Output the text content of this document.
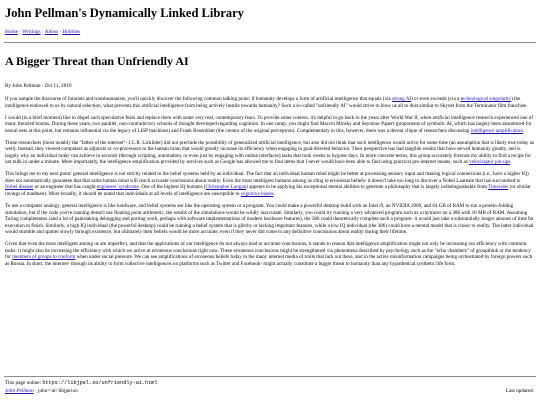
John Pellman's Dynamically Linked Library
Home · Writings · About · Hobbies
A Bigger Threat than Unfriendly AI
By John Pellman · Oct 11, 2019

If you sample the discourse of futurists and transhumanists, you'll quickly discover the following common talking point: if humanity develops a form of artificial intelligence that equals (via strong AI) or even exceeds (via a technological singularity) the intelligence endowed to us by natural selection, what prevents this artificial intelligence from being actively hostile towards humanity? Such a so-called "unfriendly AI" would strive to blow us all to dust similar to Skynet from the Terminator film franchise.

I would (in a brief moment) like to dispel such speculative fears and replace them with some very real, contemporary fears. To provide some context, it's helpful to go back to the years after World War II, when artificial intelligence research experienced one of many frenzied booms. During these years, two parallel, non-contradictory schools of thought developed regarding cognition. In one camp, you might find Marvin Minsky and Seymour Papert (proponents of symbolic AI, which has largely been abandoned for neural nets at this point, but remains influential via the legacy of LISP machines) and Frank Rosenblatt (the creator of the original perceptron). Complementary to this, however, there was a decent clique of researchers discussing intelligence amplification.

These researchers (most notably the "father of the internet"- J.C.R. Licklider) did not preclude the possibility of generalized artificial intelligence, but also did not think that such intelligence would arrive for some time (an assumption that is likely true today as well). Instead, they viewed computers as adjuncts or co-processors to the human brain that would greatly increase its efficiency when engaging in goal-directed behavior. Their perspective has had tangible results that have served humanity greatly, and is largely why an individual today can achieve in seconds (through scripting, automation, or even just by engaging with online interfaces) tasks that took weeks to bygone days. In more concrete terms, this group accurately forecast my ability to find a recipe for oat milk in under a minute. More importantly, the intelligence amplification provided by services such as Google has allowed me to find items that I never would have been able to find using practical pre-internet means, such as velociraptor pin-ups.

This brings me to my next point: general intelligence is not strictly related to the belief systems held by an individual. The fact that an individual human mind might be better at processing sensory input and making logical connections (i.e., have a higher IQ) does not automatically guarantee that that same human mind will reach accurate conclusions about reality. Even the most intelligent humans among us cling to erroneous beliefs- it doesn't take too long to discover a Nobel Laureate that has succumbed to Nobel disease or an engineer that has caught engineers' syndrome. One of the highest IQ humans (Christopher Langan) appears to be applying his exceptional mental abilities to generate a philosophy that is largely indistinguishable from Timecube (or similar ravings of madmen). More broadly, it should be noted that individuals at all levels of intelligence are susceptible to cognitive biases.

To use a computer analogy, general intelligence is like hardware, and belief systems are like the operating system or a program. You could make a powerful desktop build with an Intel i9, an NVIDIA 2080, and 64 GB of RAM to run a protein-folding simulation, but if the code you're running doesn't use floating point arithmetic, the results of the simulations would be wildly inaccurate. Similarly, you could try running a very advanced program such as a raytracer on a 386 with 16 MB of RAM. Assuming Turing completeness (and a lot of painstaking debugging and porting work, perhaps with software implementations of modern hardware features), the 386 could theoretically complete such a program- it would just take a substantially longer amount of time for execution to finish. Similarly, a high IQ individual (the powerful desktop) could be running a belief system that is glitchy or lacking important features, while a low IQ individual (the 386) could have a mental model that is closer to reality. The latter individual would stumble and sputter slowly through existence, but ultimately their beliefs would be more accurate, even if they never did come to any definitive conclusions about reality during their lifetime.

Given that even the most intelligent among us are imperfect, and that the applications of our intelligence do not always lead to accurate conclusions, it stands to reason that intelligence amplification might not only be increasing our efficiency with common tasks- it might also be increasing the efficiency with which we arrive at erroneous conclusions right now. These erroneous conclusions might be strengthened via phenomena described by psychology such as the "echo chambers" of groupthink or the tendency for members of groups to conform when under social pressure. We can see amplifications of erroneous beliefs today in the many internet media of trolls that lurk out there, and in the active misinformation campaigns being orchestrated by foreign powers such as Russia. In short, the internet- through its ability to form collective intelligences on platforms such as Twitter and Facebook- might actually constitute a bigger threat to humanity than any hypothetical synthetic life form.

This page online: https://libjpel.so/unfriendly-ai.html
John Pellman · john<-at>libjpel.so	Last updated:
